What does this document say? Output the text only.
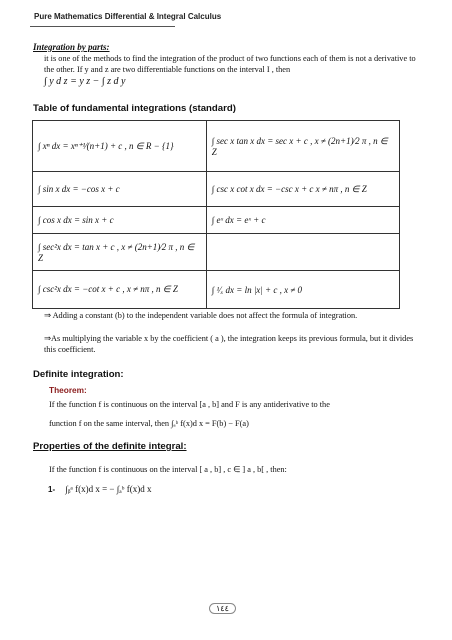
Pure Mathematics Differential & Integral Calculus
Integration by parts:
it is one of the methods to find the integration of the product of two functions each of them is not a derivative to the other. If y and z are two differentiable functions on the interval I , then
∫ y d z = y z − ∫ z d y
Table of fundamental integrations (standard)
∫ xⁿ dx = xⁿ⁺¹⁄(n+1) + c , n ∈ R − {1}	∫ sec x tan x dx = sec x + c , x ≠ (2n+1)⁄2 π , n ∈ Z
∫ sin x dx = −cos x + c	∫ csc x cot x dx = −csc x + c x ≠ nπ , n ∈ Z
∫ cos x dx = sin x + c	∫ eˣ dx = eˣ + c
∫ sec²x dx = tan x + c , x ≠ (2n+1)⁄2 π , n ∈ Z	
∫ csc²x dx = −cot x + c , x ≠ nπ , n ∈ Z	∫ ¹⁄ₓ dx = ln |x| + c , x ≠ 0
⇒ Adding a constant (b) to the independent variable does not affect the formula of integration.
⇒As multiplying the variable x by the coefficient ( a ), the integration keeps its previous formula, but it divides this coefficient.
Definite integration:
Theorem:
If the function f is continuous on the interval [a , b] and F is any antiderivative to the
function f on the same interval, then ∫ₐᵇ f(x)d x = F(b) − F(a)
Properties of the definite integral:
If the function f is continuous on the interval [ a , b] , c ∈ ] a , b[ , then:
1- ∫ᵦᵃ f(x)d x = − ∫ₐᵇ f(x)d x
١٤٤
